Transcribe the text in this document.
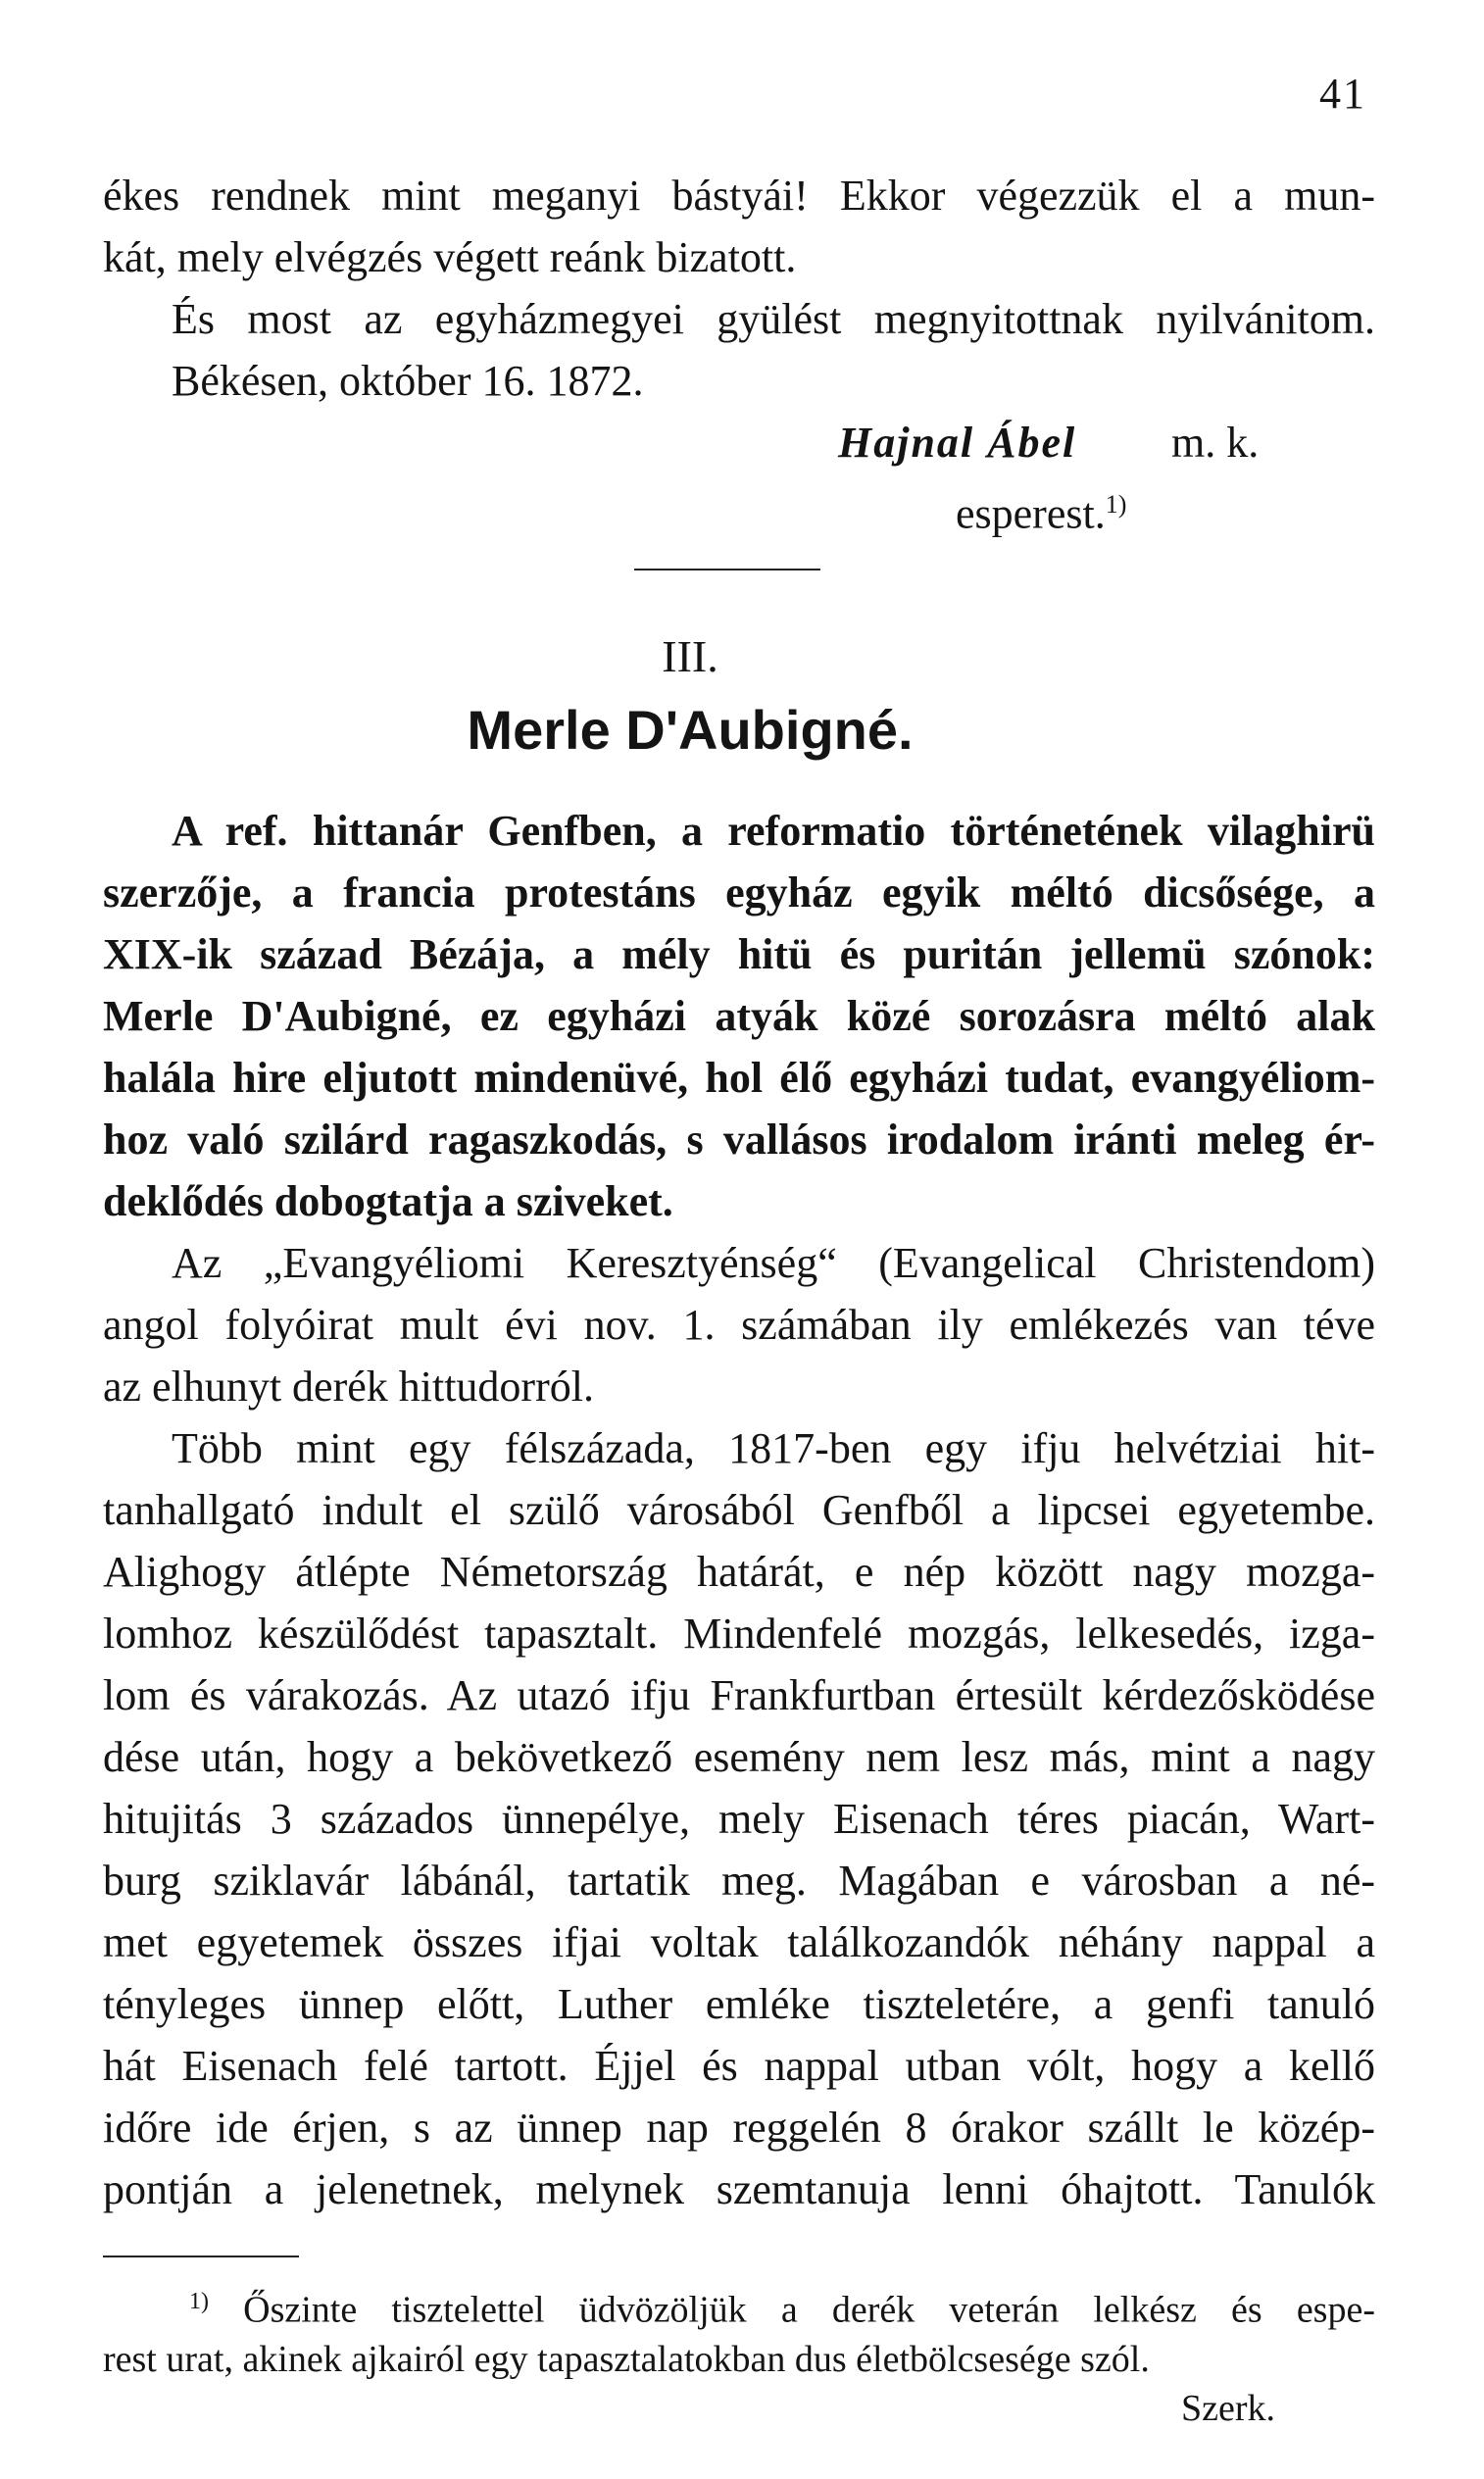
41
ékes rendnek mint meganyi bástyái! Ekkor végezzük el a mun-
kát, mely elvégzés végett reánk bizatott.
És most az egyházmegyei gyülést megnyitottnak nyilvánitom.
Békésen, október 16. 1872.
Hajnal Ábel m. k.
esperest.$^{1)}$
III.
Merle D'Aubigné.
A ref. hittanár Genfben, a reformatio történetének vilaghirü
szerzője, a francia protestáns egyház egyik méltó dicsősége, a
XIX-ik század Bézája, a mély hitü és puritán jellemü szónok:
Merle D'Aubigné, ez egyházi atyák közé sorozásra méltó alak
halála hire eljutott mindenüvé, hol élő egyházi tudat, evangyéliom-
hoz való szilárd ragaszkodás, s vallásos irodalom iránti meleg ér-
deklődés dobogtatja a sziveket.
Az „Evangyéliomi Keresztyénség“ (Evangelical Christendom)
angol folyóirat mult évi nov. 1. számában ily emlékezés van téve
az elhunyt derék hittudorról.
Több mint egy félszázada, 1817-ben egy ifju helvétziai hit-
tanhallgató indult el szülő városából Genfből a lipcsei egyetembe.
Alighogy átlépte Németország határát, e nép között nagy mozga-
lomhoz készülődést tapasztalt. Mindenfelé mozgás, lelkesedés, izga-
lom és várakozás. Az utazó ifju Frankfurtban értesült kérdezősködése
dése után, hogy a bekövetkező esemény nem lesz más, mint a nagy
hitujitás 3 százados ünnepélye, mely Eisenach téres piacán, Wart-
burg sziklavár lábánál, tartatik meg. Magában e városban a né-
met egyetemek összes ifjai voltak találkozandók néhány nappal a
tényleges ünnep előtt, Luther emléke tiszteletére, a genfi tanuló
hát Eisenach felé tartott. Éjjel és nappal utban vólt, hogy a kellő
időre ide érjen, s az ünnep nap reggelén 8 órakor szállt le közép-
pontján a jelenetnek, melynek szemtanuja lenni óhajtott. Tanulók
$^{1)}$ Őszinte tisztelettel üdvözöljük a derék veterán lelkész és espe-
rest urat, akinek ajkairól egy tapasztalatokban dus életbölcsesége szól.
Szerk.
